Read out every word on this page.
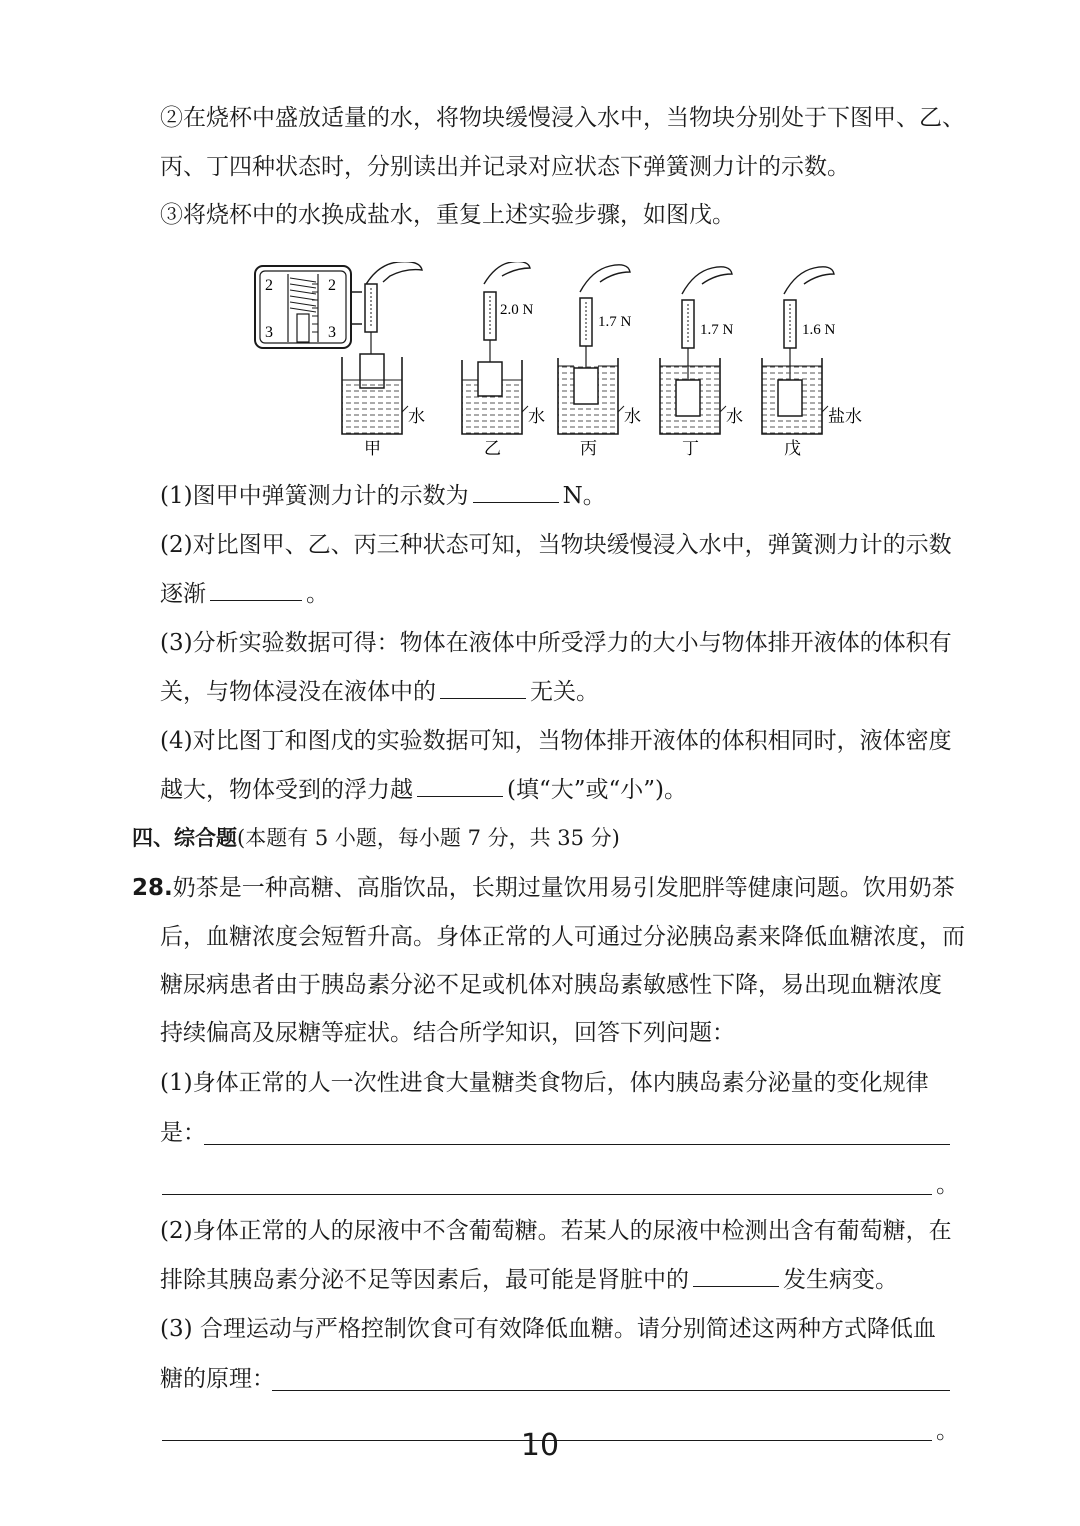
②在烧杯中盛放适量的水，将物块缓慢浸入水中，当物块分别处于下图甲、乙、
丙、丁四种状态时，分别读出并记录对应状态下弹簧测力计的示数。
③将烧杯中的水换成盐水，重复上述实验步骤，如图戊。
2	2
3	3
水
甲
2.0 N
水
乙
1.7 N
水
丙
1.7 N
水
丁
1.6 N
盐水
戊
(1)图甲中弹簧测力计的示数为	N。
(2)对比图甲、乙、丙三种状态可知，当物块缓慢浸入水中，弹簧测力计的示数
逐渐	。
(3)分析实验数据可得：物体在液体中所受浮力的大小与物体排开液体的体积有
关，与物体浸没在液体中的	无关。
(4)对比图丁和图戊的实验数据可知，当物体排开液体的体积相同时，液体密度
越大，物体受到的浮力越	(填“大”或“小”)。
四、综合题(本题有 5 小题，每小题 7 分，共 35 分)
28.奶茶是一种高糖、高脂饮品，长期过量饮用易引发肥胖等健康问题。饮用奶茶
后，血糖浓度会短暂升高。身体正常的人可通过分泌胰岛素来降低血糖浓度，而
糖尿病患者由于胰岛素分泌不足或机体对胰岛素敏感性下降，易出现血糖浓度
持续偏高及尿糖等症状。结合所学知识，回答下列问题：
(1)身体正常的人一次性进食大量糖类食物后，体内胰岛素分泌量的变化规律
是：
。
(2)身体正常的人的尿液中不含葡萄糖。若某人的尿液中检测出含有葡萄糖，在
排除其胰岛素分泌不足等因素后，最可能是肾脏中的	发生病变。
(3) 合理运动与严格控制饮食可有效降低血糖。请分别简述这两种方式降低血
糖的原理：
。
10
